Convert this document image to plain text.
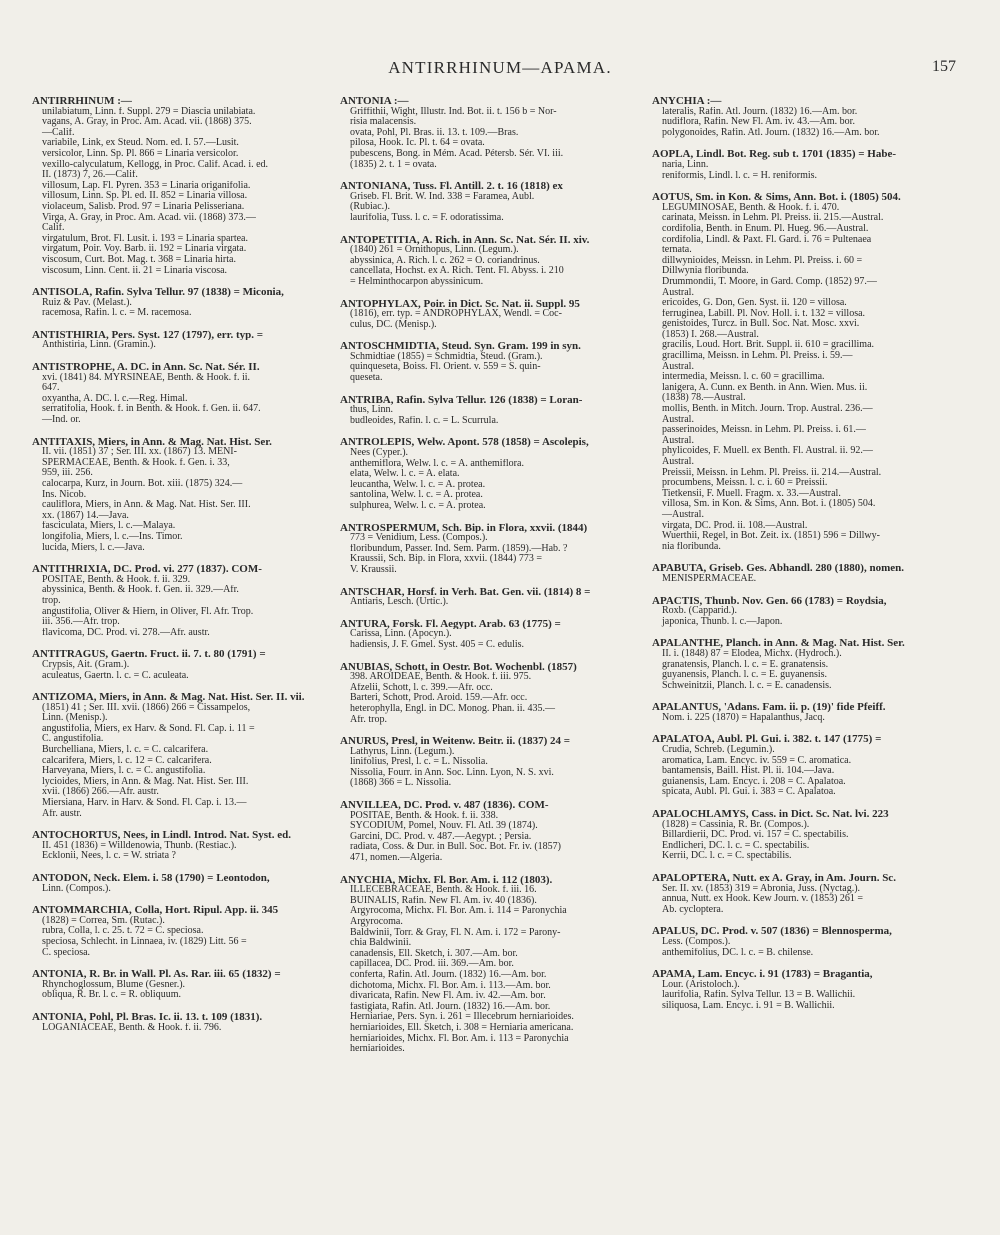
ANTIRRHINUM—APAMA.	157
ANTIRRHINUM :—
unilabiatum, Linn. f. Suppl. 279 = Diascia unilabiata.
vagans, A. Gray, in Proc. Am. Acad. vii. (1868) 375.
—Calif.
variabile, Link, ex Steud. Nom. ed. I. 57.—Lusit.
versicolor, Linn. Sp. Pl. 866 = Linaria versicolor.
vexillo-calyculatum, Kellogg, in Proc. Calif. Acad. i. ed.
II. (1873) 7, 26.—Calif.
villosum, Lap. Fl. Pyren. 353 = Linaria origanifolia.
villosum, Linn. Sp. Pl. ed. II. 852 = Linaria villosa.
violaceum, Salisb. Prod. 97 = Linaria Pelisseriana.
Virga, A. Gray, in Proc. Am. Acad. vii. (1868) 373.—
Calif.
virgatulum, Brot. Fl. Lusit. i. 193 = Linaria spartea.
virgatum, Poir. Voy. Barb. ii. 192 = Linaria virgata.
viscosum, Curt. Bot. Mag. t. 368 = Linaria hirta.
viscosum, Linn. Cent. ii. 21 = Linaria viscosa.
ANTISOLA, Rafin. Sylva Tellur. 97 (1838) = Miconia,
Ruiz & Pav. (Melast.).
racemosa, Rafin. l. c. = M. racemosa.
ANTISTHIRIA, Pers. Syst. 127 (1797), err. typ. =
Anthistiria, Linn. (Gramin.).
ANTISTROPHE, A. DC. in Ann. Sc. Nat. Sér. II.
xvi. (1841) 84. MYRSINEAE, Benth. & Hook. f. ii.
647.
oxyantha, A. DC. l. c.—Reg. Himal.
serratifolia, Hook. f. in Benth. & Hook. f. Gen. ii. 647.
—Ind. or.
ANTITAXIS, Miers, in Ann. & Mag. Nat. Hist. Ser.
II. vii. (1851) 37 ; Ser. III. xx. (1867) 13. MENI-
SPERMACEAE, Benth. & Hook. f. Gen. i. 33,
959, iii. 256.
calocarpa, Kurz, in Journ. Bot. xiii. (1875) 324.—
Ins. Nicob.
cauliflora, Miers, in Ann. & Mag. Nat. Hist. Ser. III.
xx. (1867) 14.—Java.
fasciculata, Miers, l. c.—Malaya.
longifolia, Miers, l. c.—Ins. Timor.
lucida, Miers, l. c.—Java.
ANTITHRIXIA, DC. Prod. vi. 277 (1837). COM-
POSITAE, Benth. & Hook. f. ii. 329.
abyssinica, Benth. & Hook. f. Gen. ii. 329.—Afr.
trop.
angustifolia, Oliver & Hiern, in Oliver, Fl. Afr. Trop.
iii. 356.—Afr. trop.
flavicoma, DC. Prod. vi. 278.—Afr. austr.
ANTITRAGUS, Gaertn. Fruct. ii. 7. t. 80 (1791) =
Crypsis, Ait. (Gram.).
aculeatus, Gaertn. l. c. = C. aculeata.
ANTIZOMA, Miers, in Ann. & Mag. Nat. Hist. Ser. II. vii.
(1851) 41 ; Ser. III. xvii. (1866) 266 = Cissampelos,
Linn. (Menisp.).
angustifolia, Miers, ex Harv. & Sond. Fl. Cap. i. 11 =
C. angustifolia.
Burchelliana, Miers, l. c. = C. calcarifera.
calcarifera, Miers, l. c. 12 = C. calcarifera.
Harveyana, Miers, l. c. = C. angustifolia.
lycioides, Miers, in Ann. & Mag. Nat. Hist. Ser. III.
xvii. (1866) 266.—Afr. austr.
Miersiana, Harv. in Harv. & Sond. Fl. Cap. i. 13.—
Afr. austr.
ANTOCHORTUS, Nees, in Lindl. Introd. Nat. Syst. ed.
II. 451 (1836) = Willdenowia, Thunb. (Restiac.).
Ecklonii, Nees, l. c. = W. striata ?
ANTODON, Neck. Elem. i. 58 (1790) = Leontodon,
Linn. (Compos.).
ANTOMMARCHIA, Colla, Hort. Ripul. App. ii. 345
(1828) = Correa, Sm. (Rutac.).
rubra, Colla, l. c. 25. t. 72 = C. speciosa.
speciosa, Schlecht. in Linnaea, iv. (1829) Litt. 56 =
C. speciosa.
ANTONIA, R. Br. in Wall. Pl. As. Rar. iii. 65 (1832) =
Rhynchoglossum, Blume (Gesner.).
obliqua, R. Br. l. c. = R. obliquum.
ANTONIA, Pohl, Pl. Bras. Ic. ii. 13. t. 109 (1831).
LOGANIACEAE, Benth. & Hook. f. ii. 796.
ANTONIA :—
Griffithii, Wight, Illustr. Ind. Bot. ii. t. 156 b = Nor-
risia malacensis.
ovata, Pohl, Pl. Bras. ii. 13. t. 109.—Bras.
pilosa, Hook. Ic. Pl. t. 64 = ovata.
pubescens, Bong. in Mém. Acad. Pétersb. Sér. VI. iii.
(1835) 2. t. 1 = ovata.
ANTONIANA, Tuss. Fl. Antill. 2. t. 16 (1818) ex
Griseb. Fl. Brit. W. Ind. 338 = Faramea, Aubl.
(Rubiac.).
laurifolia, Tuss. l. c. = F. odoratissima.
ANTOPETITIA, A. Rich. in Ann. Sc. Nat. Sér. II. xiv.
(1840) 261 = Ornithopus, Linn. (Legum.).
abyssinica, A. Rich. l. c. 262 = O. coriandrinus.
cancellata, Hochst. ex A. Rich. Tent. Fl. Abyss. i. 210
= Helminthocarpon abyssinicum.
ANTOPHYLAX, Poir. in Dict. Sc. Nat. ii. Suppl. 95
(1816), err. typ. = ANDROPHYLAX, Wendl. = Coc-
culus, DC. (Menisp.).
ANTOSCHMIDTIA, Steud. Syn. Gram. 199 in syn.
Schmidtiae (1855) = Schmidtia, Steud. (Gram.).
quinqueseta, Boiss. Fl. Orient. v. 559 = S. quin-
queseta.
ANTRIBA, Rafin. Sylva Tellur. 126 (1838) = Loran-
thus, Linn.
budleoides, Rafin. l. c. = L. Scurrula.
ANTROLEPIS, Welw. Apont. 578 (1858) = Ascolepis,
Nees (Cyper.).
anthemiflora, Welw. l. c. = A. anthemiflora.
elata, Welw. l. c. = A. elata.
leucantha, Welw. l. c. = A. protea.
santolina, Welw. l. c. = A. protea.
sulphurea, Welw. l. c. = A. protea.
ANTROSPERMUM, Sch. Bip. in Flora, xxvii. (1844)
773 = Venidium, Less. (Compos.).
floribundum, Passer. Ind. Sem. Parm. (1859).—Hab. ?
Kraussii, Sch. Bip. in Flora, xxvii. (1844) 773 =
V. Kraussii.
ANTSCHAR, Horsf. in Verh. Bat. Gen. vii. (1814) 8 =
Antiaris, Lesch. (Urtic.).
ANTURA, Forsk. Fl. Aegypt. Arab. 63 (1775) =
Carissa, Linn. (Apocyn.).
hadiensis, J. F. Gmel. Syst. 405 = C. edulis.
ANUBIAS, Schott, in Oestr. Bot. Wochenbl. (1857)
398. AROIDEAE, Benth. & Hook. f. iii. 975.
Afzelii, Schott, l. c. 399.—Afr. occ.
Barteri, Schott, Prod. Aroid. 159.—Afr. occ.
heterophylla, Engl. in DC. Monog. Phan. ii. 435.—
Afr. trop.
ANURUS, Presl, in Weitenw. Beitr. ii. (1837) 24 =
Lathyrus, Linn. (Legum.).
linifolius, Presl, l. c. = L. Nissolia.
Nissolia, Fourr. in Ann. Soc. Linn. Lyon, N. S. xvi.
(1868) 366 = L. Nissolia.
ANVILLEA, DC. Prod. v. 487 (1836). COM-
POSITAE, Benth. & Hook. f. ii. 338.
SYCODIUM, Pomel, Nouv. Fl. Atl. 39 (1874).
Garcini, DC. Prod. v. 487.—Aegypt. ; Persia.
radiata, Coss. & Dur. in Bull. Soc. Bot. Fr. iv. (1857)
471, nomen.—Algeria.
ANYCHIA, Michx. Fl. Bor. Am. i. 112 (1803).
ILLECEBRACEAE, Benth. & Hook. f. iii. 16.
BUINALIS, Rafin. New Fl. Am. iv. 40 (1836).
Argyrocoma, Michx. Fl. Bor. Am. i. 114 = Paronychia
Argyrocoma.
Baldwinii, Torr. & Gray, Fl. N. Am. i. 172 = Parony-
chia Baldwinii.
canadensis, Ell. Sketch, i. 307.—Am. bor.
capillacea, DC. Prod. iii. 369.—Am. bor.
conferta, Rafin. Atl. Journ. (1832) 16.—Am. bor.
dichotoma, Michx. Fl. Bor. Am. i. 113.—Am. bor.
divaricata, Rafin. New Fl. Am. iv. 42.—Am. bor.
fastigiata, Rafin. Atl. Journ. (1832) 16.—Am. bor.
Herniariae, Pers. Syn. i. 261 = Illecebrum herniarioides.
herniarioides, Ell. Sketch, i. 308 = Herniaria americana.
herniarioides, Michx. Fl. Bor. Am. i. 113 = Paronychia
herniarioides.
ANYCHIA :—
lateralis, Rafin. Atl. Journ. (1832) 16.—Am. bor.
nudiflora, Rafin. New Fl. Am. iv. 43.—Am. bor.
polygonoides, Rafin. Atl. Journ. (1832) 16.—Am. bor.
AOPLA, Lindl. Bot. Reg. sub t. 1701 (1835) = Habe-
naria, Linn.
reniformis, Lindl. l. c. = H. reniformis.
AOTUS, Sm. in Kon. & Sims, Ann. Bot. i. (1805) 504.
LEGUMINOSAE, Benth. & Hook. f. i. 470.
carinata, Meissn. in Lehm. Pl. Preiss. ii. 215.—Austral.
cordifolia, Benth. in Enum. Pl. Hueg. 96.—Austral.
cordifolia, Lindl. & Paxt. Fl. Gard. i. 76 = Pultenaea
ternata.
dillwynioides, Meissn. in Lehm. Pl. Preiss. i. 60 =
Dillwynia floribunda.
Drummondii, T. Moore, in Gard. Comp. (1852) 97.—
Austral.
ericoides, G. Don, Gen. Syst. ii. 120 = villosa.
ferruginea, Labill. Pl. Nov. Holl. i. t. 132 = villosa.
genistoides, Turcz. in Bull. Soc. Nat. Mosc. xxvi.
(1853) I. 268.—Austral.
gracilis, Loud. Hort. Brit. Suppl. ii. 610 = gracillima.
gracillima, Meissn. in Lehm. Pl. Preiss. i. 59.—
Austral.
intermedia, Meissn. l. c. 60 = gracillima.
lanigera, A. Cunn. ex Benth. in Ann. Wien. Mus. ii.
(1838) 78.—Austral.
mollis, Benth. in Mitch. Journ. Trop. Austral. 236.—
Austral.
passerinoides, Meissn. in Lehm. Pl. Preiss. i. 61.—
Austral.
phylicoides, F. Muell. ex Benth. Fl. Austral. ii. 92.—
Austral.
Preissii, Meissn. in Lehm. Pl. Preiss. ii. 214.—Austral.
procumbens, Meissn. l. c. i. 60 = Preissii.
Tietkensii, F. Muell. Fragm. x. 33.—Austral.
villosa, Sm. in Kon. & Sims, Ann. Bot. i. (1805) 504.
—Austral.
virgata, DC. Prod. ii. 108.—Austral.
Wuerthii, Regel, in Bot. Zeit. ix. (1851) 596 = Dillwy-
nia floribunda.
APABUTA, Griseb. Ges. Abhandl. 280 (1880), nomen.
MENISPERMACEAE.
APACTIS, Thunb. Nov. Gen. 66 (1783) = Roydsia,
Roxb. (Capparid.).
japonica, Thunb. l. c.—Japon.
APALANTHE, Planch. in Ann. & Mag. Nat. Hist. Ser.
II. i. (1848) 87 = Elodea, Michx. (Hydroch.).
granatensis, Planch. l. c. = E. granatensis.
guyanensis, Planch. l. c. = E. guyanensis.
Schweinitzii, Planch. l. c. = E. canadensis.
APALANTUS, 'Adans. Fam. ii. p. (19)' fide Pfeiff.
Nom. i. 225 (1870) = Hapalanthus, Jacq.
APALATOA, Aubl. Pl. Gui. i. 382. t. 147 (1775) =
Crudia, Schreb. (Legumin.).
aromatica, Lam. Encyc. iv. 559 = C. aromatica.
bantamensis, Baill. Hist. Pl. ii. 104.—Java.
guianensis, Lam. Encyc. i. 208 = C. Apalatoa.
spicata, Aubl. Pl. Gui. i. 383 = C. Apalatoa.
APALOCHLAMYS, Cass. in Dict. Sc. Nat. lvi. 223
(1828) = Cassinia, R. Br. (Compos.).
Billardierii, DC. Prod. vi. 157 = C. spectabilis.
Endlicheri, DC. l. c. = C. spectabilis.
Kerrii, DC. l. c. = C. spectabilis.
APALOPTERA, Nutt. ex A. Gray, in Am. Journ. Sc.
Ser. II. xv. (1853) 319 = Abronia, Juss. (Nyctag.).
annua, Nutt. ex Hook. Kew Journ. v. (1853) 261 =
Ab. cycloptera.
APALUS, DC. Prod. v. 507 (1836) = Blennosperma,
Less. (Compos.).
anthemifolius, DC. l. c. = B. chilense.
APAMA, Lam. Encyc. i. 91 (1783) = Bragantia,
Lour. (Aristoloch.).
laurifolia, Rafin. Sylva Tellur. 13 = B. Wallichii.
siliquosa, Lam. Encyc. i. 91 = B. Wallichii.
